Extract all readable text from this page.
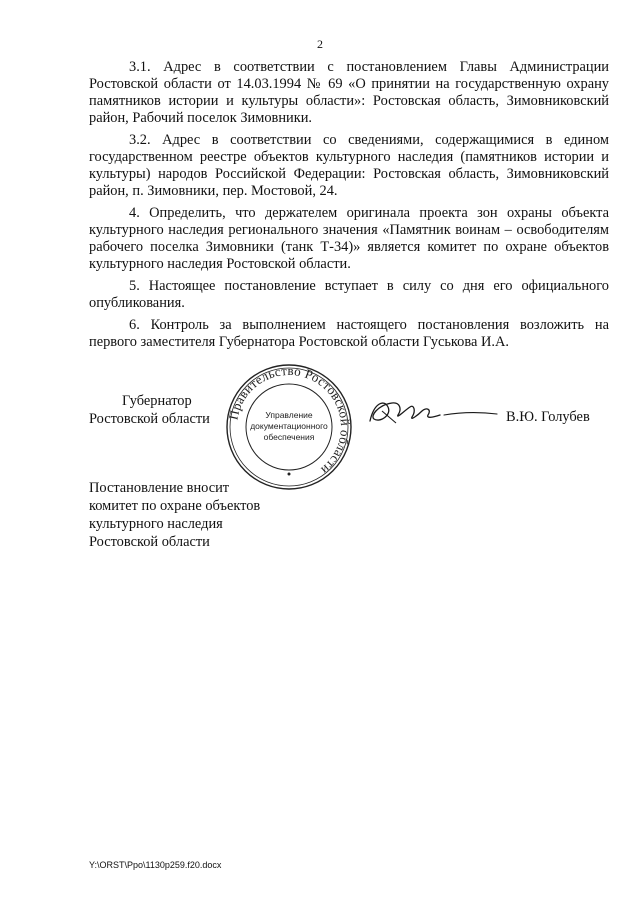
2

3.1. Адрес в соответствии с постановлением Главы Администрации Ростовской области от 14.03.1994 № 69 «О принятии на государственную охрану памятников истории и культуры области»: Ростовская область, Зимовниковский район, Рабочий поселок Зимовники.

3.2. Адрес в соответствии со сведениями, содержащимися в едином государственном реестре объектов культурного наследия (памятников истории и культуры) народов Российской Федерации: Ростовская область, Зимовниковский район, п. Зимовники, пер. Мостовой, 24.

4. Определить, что держателем оригинала проекта зон охраны объекта культурного наследия регионального значения «Памятник воинам – освободителям рабочего поселка Зимовники (танк Т-34)» является комитет по охране объектов культурного наследия Ростовской области.

5. Настоящее постановление вступает в силу со дня его официального опубликования.

6. Контроль за выполнением настоящего постановления возложить на первого заместителя Губернатора Ростовской области Гуськова И.А.

Губернатор
Ростовской области Правительство Ростовской области
Управление
документационного
обеспечения
В.Ю. Голубев
Постановление вносит
комитет по охране объектов
культурного наследия
Ростовской области
Y:\ORST\Ppo\1130p259.f20.docx
